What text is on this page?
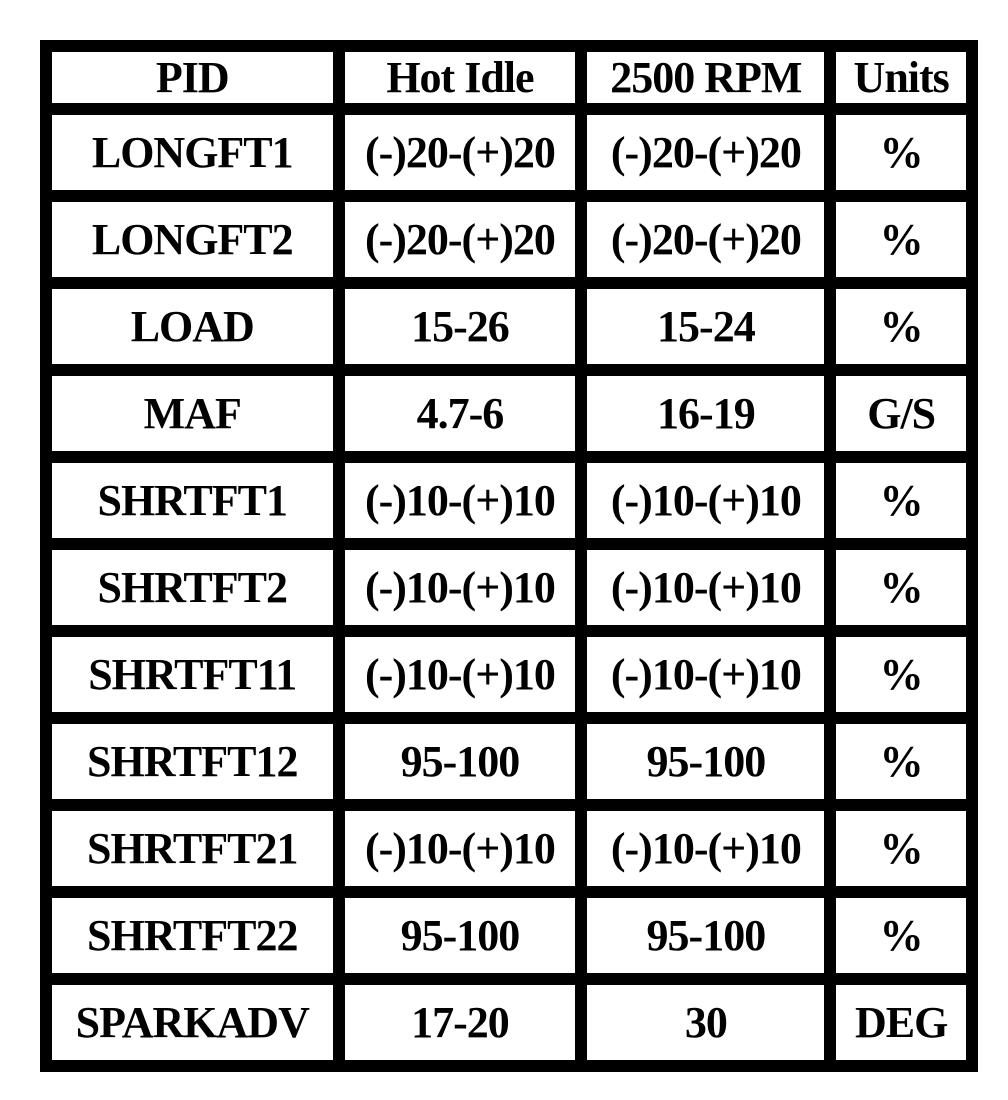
PID	Hot Idle	2500 RPM	Units
LONGFT1	(-)20-(+)20	(-)20-(+)20	%
LONGFT2	(-)20-(+)20	(-)20-(+)20	%
LOAD	15-26	15-24	%
MAF	4.7-6	16-19	G/S
SHRTFT1	(-)10-(+)10	(-)10-(+)10	%
SHRTFT2	(-)10-(+)10	(-)10-(+)10	%
SHRTFT11	(-)10-(+)10	(-)10-(+)10	%
SHRTFT12	95-100	95-100	%
SHRTFT21	(-)10-(+)10	(-)10-(+)10	%
SHRTFT22	95-100	95-100	%
SPARKADV	17-20	30	DEG
